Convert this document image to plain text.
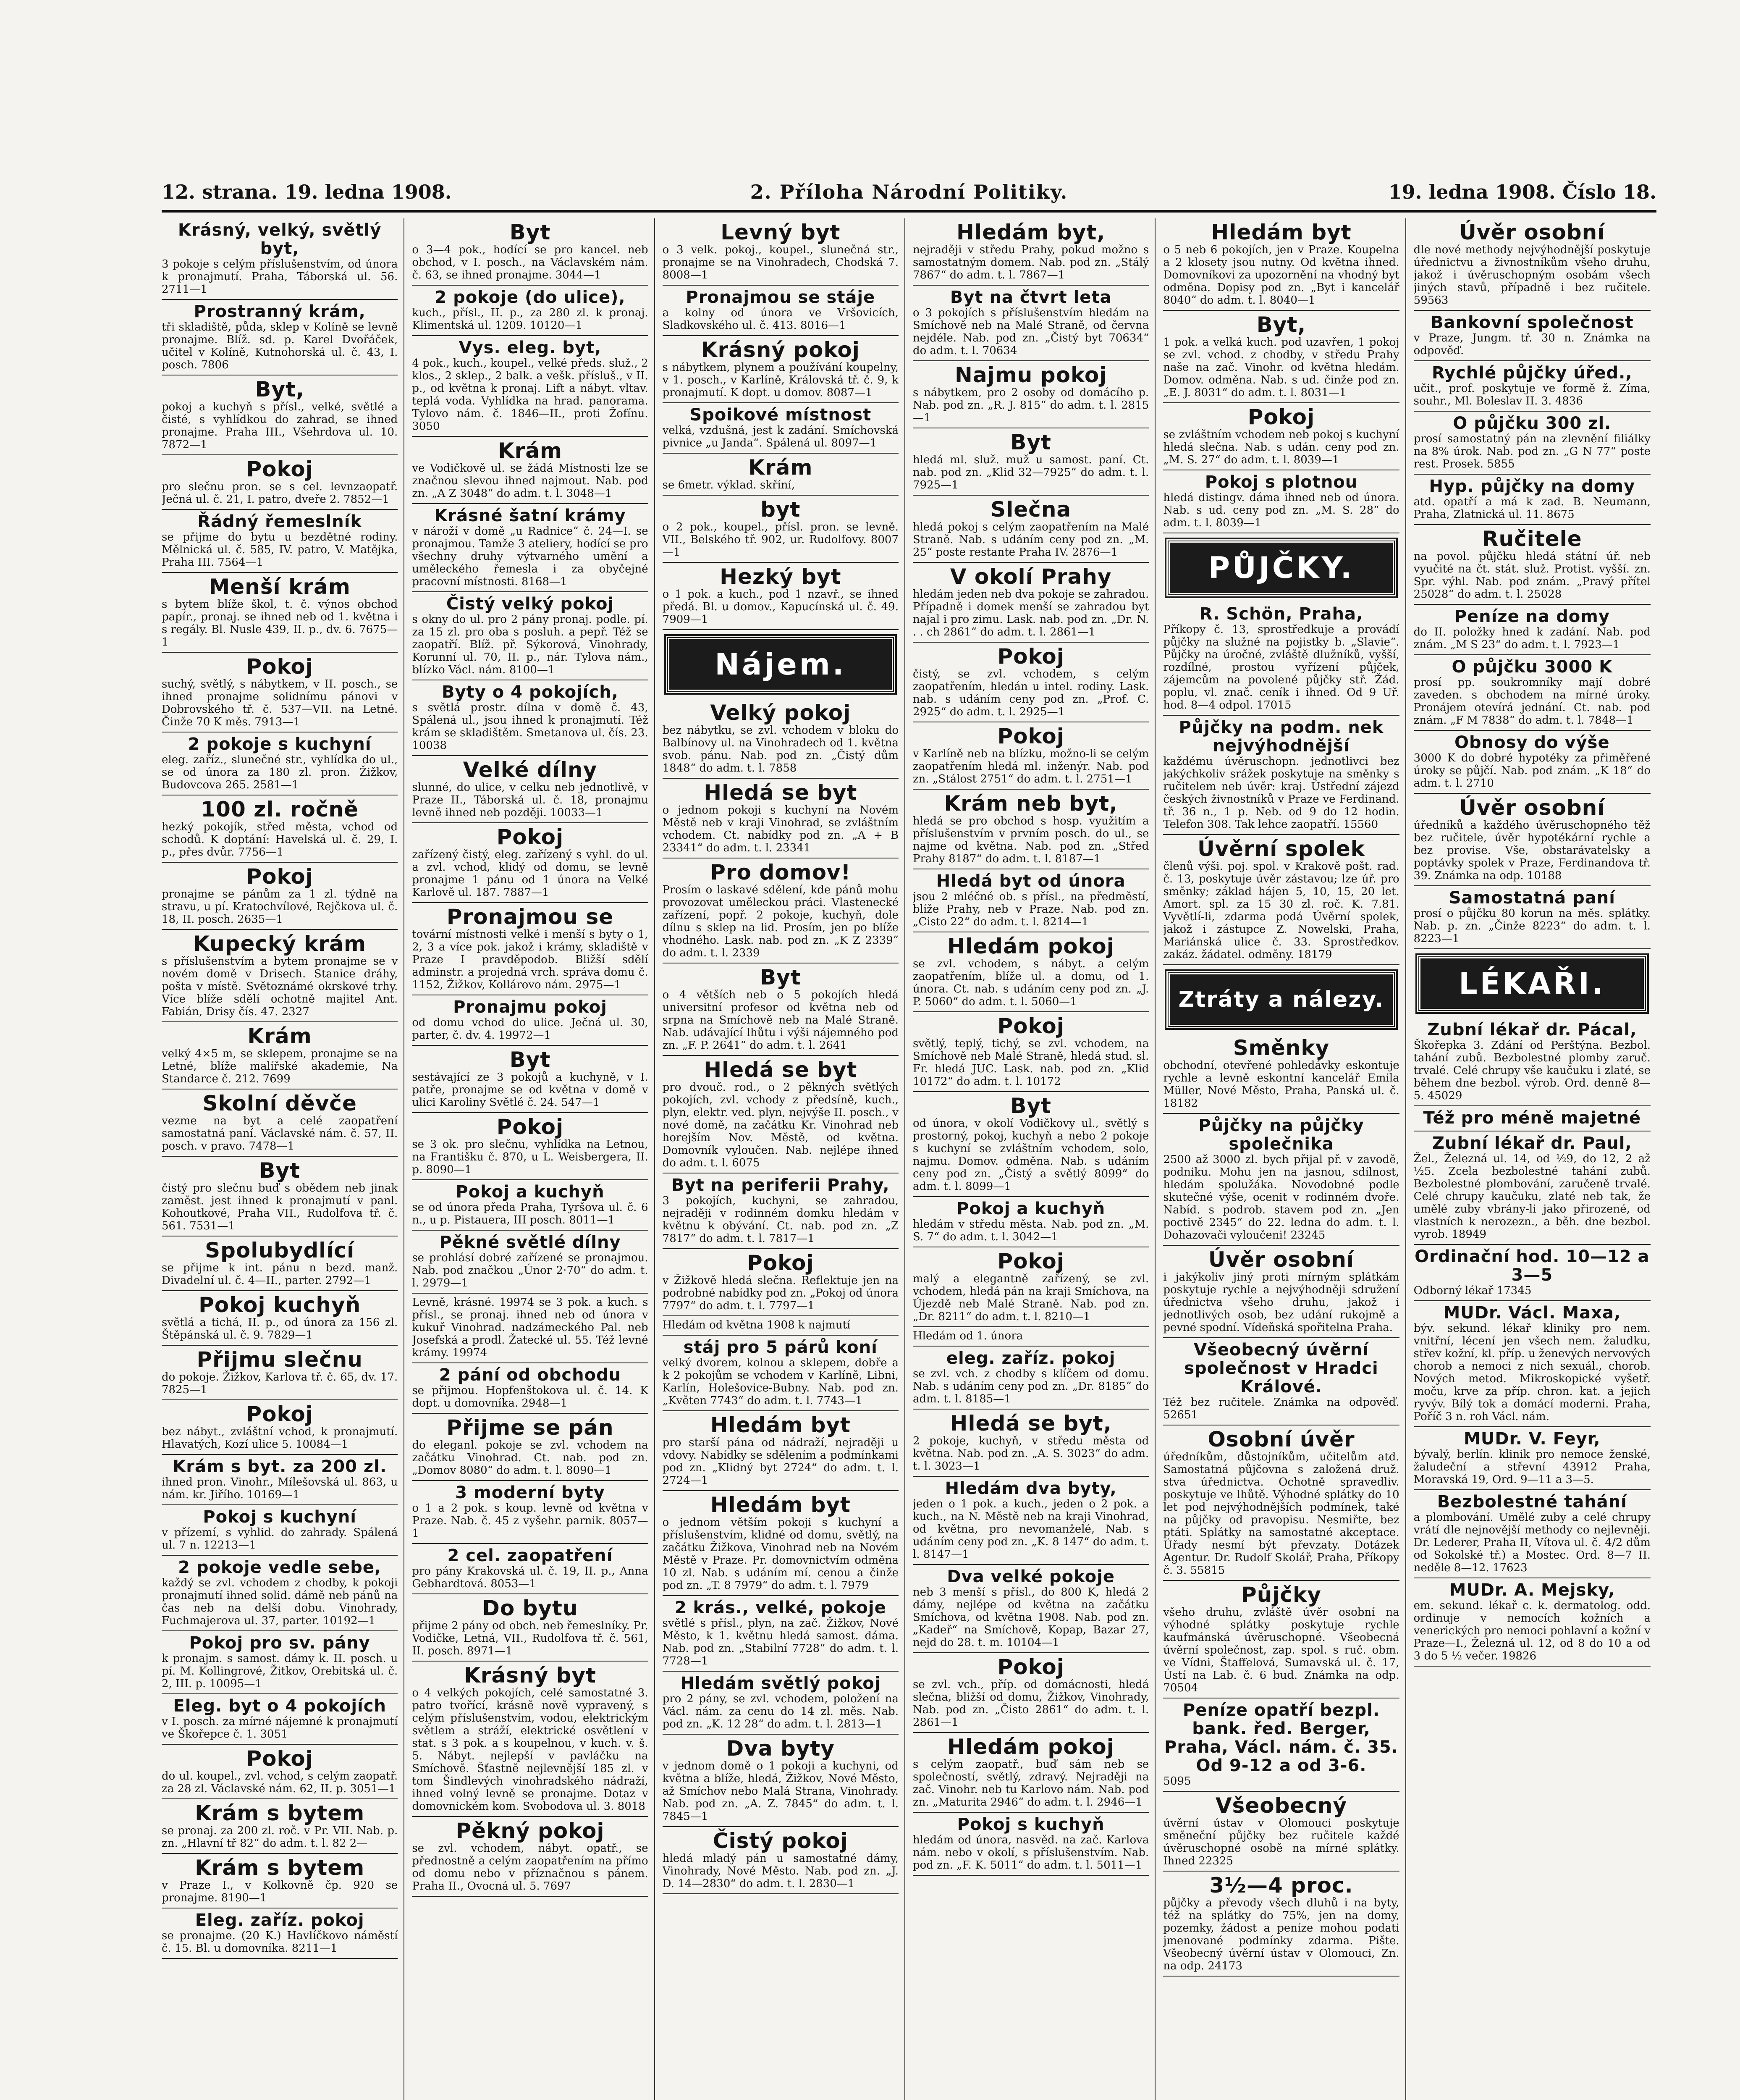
12. strana. 19. ledna 1908.	2. Příloha Národní Politiky.	19. ledna 1908. Číslo 18.
Krásný, velký, světlý byt,
3 pokoje s celým příslušenstvím, od února k pronajmutí. Praha, Táborská ul. 56. 2711—1
Prostranný krám,
tři skladiště, půda, sklep v Kolíně se levně pronajme. Blíž. sd. p. Karel Dvořáček, učitel v Kolíně, Kutnohorská ul. č. 43, I. posch. 7806
Byt,
pokoj a kuchyň s přísl., velké, světlé a čisté, s vyhlídkou do zahrad, se ihned pronajme. Praha III., Všehrdova ul. 10. 7872—1
Pokoj
pro slečnu pron. se s cel. levnzaopatř. Ječná ul. č. 21, I. patro, dveře 2. 7852—1
Řádný řemeslník
se přijme do bytu u bezdětné rodiny. Mělnická ul. č. 585, IV. patro, V. Matějka, Praha III. 7564—1
Menší krám
s bytem blíže škol, t. č. výnos obchod papír., pronaj. se ihned neb od 1. května i s regály. Bl. Nusle 439, II. p., dv. 6. 7675—1
Pokoj
suchý, světlý, s nábytkem, v II. posch., se ihned pronajme solidnímu pánovi v Dobrovského tř. č. 537—VII. na Letné. Činže 70 K měs. 7913—1
2 pokoje s kuchyní
eleg. zaříz., slunečné str., vyhlídka do ul., se od února za 180 zl. pron. Žižkov, Budovcova 265. 2581—1
100 zl. ročně
hezký pokojík, střed města, vchod od schodů. K doptání: Havelská ul. č. 29, I. p., přes dvůr. 7756—1
Pokoj
pronajme se pánům za 1 zl. týdně na stravu, u pí. Kratochvílové, Rejčkova ul. č. 18, II. posch. 2635—1
Kupecký krám
s příslušenstvím a bytem pronajme se v novém domě v Drisech. Stanice dráhy, pošta v místě. Světoznámé okrskové trhy. Více blíže sdělí ochotně majitel Ant. Fabián, Drisy čís. 47. 2327
Krám
velký 4×5 m, se sklepem, pronajme se na Letné, blíže malířské akademie, Na Standarce č. 212. 7699
Skolní děvče
vezme na byt a celé zaopatření samostatná paní. Václavské nám. č. 57, II. posch. v pravo. 7478—1
Byt
čistý pro slečnu buď s obědem neb jinak zaměst. jest ihned k pronajmutí v panl. Kohoutkové, Praha VII., Rudolfova tř. č. 561. 7531—1
Spolubydlící
se přijme k int. pánu n bezd. manž. Divadelní ul. č. 4—II., parter. 2792—1
Pokoj kuchyň
světlá a tichá, II. p., od února za 156 zl. Štěpánská ul. č. 9. 7829—1
Přijmu slečnu
do pokoje. Žižkov, Karlova tř. č. 65, dv. 17. 7825—1
Pokoj
bez nábyt., zvláštní vchod, k pronajmutí. Hlavatých, Kozí ulice 5. 10084—1
Krám s byt. za 200 zl.
ihned pron. Vinohr., Mílešovská ul. 863, u nám. kr. Jiřího. 10169—1
Pokoj s kuchyní
v přízemí, s vyhlid. do zahrady. Spálená ul. 7 n. 12213—1
2 pokoje vedle sebe,
každý se zvl. vchodem z chodby, k pokoji pronajmutí ihned solid. dámě neb pánů na čas neb na delší dobu. Vinohrady, Fuchmajerova ul. 37, parter. 10192—1
Pokoj pro sv. pány
k pronajm. s samost. dámy k. II. posch. u pí. M. Kollingrové, Žitkov, Orebitská ul. č. 2, III. p. 10095—1
Eleg. byt o 4 pokojích
v I. posch. za mírné nájemné k pronajmutí ve Škořepce č. 1. 3051
Pokoj
do ul. koupel., zvl. vchod, s celým zaopatř. za 28 zl. Václavské nám. 62, II. p. 3051—1
Krám s bytem
se pronaj. za 200 zl. roč. v Pr. VII. Nab. p. zn. „Hlavní tř 82“ do adm. t. l. 82 2—
Krám s bytem
v Praze I., v Kolkovně čp. 920 se pronajme. 8190—1
Eleg. zaříz. pokoj
se pronajme. (20 K.) Havlíčkovo náměstí č. 15. Bl. u domovníka. 8211—1
Byt
o 3—4 pok., hodící se pro kancel. neb obchod, v I. posch., na Václavském nám. č. 63, se ihned pronajme. 3044—1
2 pokoje (do ulice),
kuch., přísl., II. p., za 280 zl. k pronaj. Klimentská ul. 1209. 10120—1
Vys. eleg. byt,
4 pok., kuch., koupel., velké předs. služ., 2 klos., 2 sklep., 2 balk. a vešk. přísluš., v II. p., od května k pronaj. Lift a nábyt. vltav. teplá voda. Vyhlídka na hrad. panorama. Tylovo nám. č. 1846—II., proti Žofínu. 3050
Krám
ve Vodičkově ul. se žádá Místnosti lze se značnou slevou ihned najmout. Nab. pod zn. „A Z 3048“ do adm. t. l. 3048—1
Krásné šatní krámy
v nároží v domě „u Radnice“ č. 24—I. se pronajmou. Tamže 3 ateliery, hodící se pro všechny druhy výtvarného umění a uměleckého řemesla i za obyčejné pracovní místnosti. 8168—1
Čistý velký pokoj
s okny do ul. pro 2 pány pronaj. podle. pí. za 15 zl. pro oba s posluh. a pepř. Též se zaopatří. Blíž. př. Sýkorová, Vinohrady, Korunní ul. 70, II. p., nár. Tylova nám., blízko Václ. nám. 8100—1
Byty o 4 pokojích,
s světlá prostr. dílna v domě č. 43, Spálená ul., jsou ihned k pronajmutí. Též krám se skladištěm. Smetanova ul. čís. 23. 10038
Velké dílny
slunné, do ulice, v celku neb jednotlivě, v Praze II., Táborská ul. č. 18, pronajmu levně ihned neb později. 10033—1
Pokoj
zařízený čistý, eleg. zařízený s vyhl. do ul. a zvl. vchod, klidý od domu, se levně pronajme 1 pánu od 1 února na Velké Karlově ul. 187. 7887—1
Pronajmou se
tovární místnosti velké i menší s byty o 1, 2, 3 a více pok. jakož i krámy, skladiště v Praze I pravděpodob. Bližší sdělí adminstr. a projedná vrch. správa domu č. 1152, Žižkov, Kollárovo nám. 2975—1
Pronajmu pokoj
od domu vchod do ulice. Ječná ul. 30, parter, č. dv. 4. 19972—1
Byt
sestávající ze 3 pokojů a kuchyně, v I. patře, pronajme se od května v domě v ulici Karoliny Světlé č. 24. 547—1
Pokoj
se 3 ok. pro slečnu, vyhlídka na Letnou, na Františku č. 870, u L. Weisbergera, II. p. 8090—1
Pokoj a kuchyň
se od února předa Praha, Tyršova ul. č. 6 n., u p. Pistauera, III posch. 8011—1
Pěkné světlé dílny
se prohlásí dobré zařízené se pronajmou. Nab. pod značkou „Únor 2·70“ do adm. t. l. 2979—1
Levně, krásné. 19974 se 3 pok. a kuch. s přísl., se pronaj. ihned neb od února v kukuř Vinohrad. nadzámeckého Pal. neb Josefská a prodl. Žatecké ul. 55. Též levné krámy. 19974
2 pání od obchodu
se přijmou. Hopfenštokova ul. č. 14. K dopt. u domovníka. 2948—1
Přijme se pán
do eleganl. pokoje se zvl. vchodem na začátku Vinohrad. Ct. nab. pod zn. „Domov 8080“ do adm. t. l. 8090—1
3 moderní byty
o 1 a 2 pok. s koup. levně od května v Praze. Nab. č. 45 z vyšehr. parnik. 8057—1
2 cel. zaopatření
pro pány Krakovská ul. č. 19, II. p., Anna Gebhardtová. 8053—1
Do bytu
přijme 2 pány od obch. neb řemeslníky. Pr. Vodičke, Letná, VII., Rudolfova tř. č. 561, II. posch. 8971—1
Krásný byt
o 4 velkých pokojích, celé samostatné 3. patro tvořící, krásně nově vypravený, s celým příslušenstvím, vodou, elektrickým světlem a stráží, elektrické osvětlení v stat. s 3 pok. a s koupelnou, v kuch. v. š. 5. Nábyt. nejlepší v pavláčku na Smíchově. Šťastně nejlevnější 185 zl. v tom Šindlevých vinohradského nádraží, ihned volný levně se pronajme. Dotaz v domovnickém kom. Svobodova ul. 3. 8018
Pěkný pokoj
se zvl. vchodem, nábyt. opatř., se přednostně a celým zaopatřením na přímo od domu nebo v příznačnou s pánem. Praha II., Ovocná ul. 5. 7697
Levný byt
o 3 velk. pokoj., koupel., slunečná str., pronajme se na Vinohradech, Chodská 7. 8008—1
Pronajmou se stáje
a kolny od února ve Vršovicích, Sladkovského ul. č. 413. 8016—1
Krásný pokoj
s nábytkem, plynem a používání koupelny, v 1. posch., v Karlíně, Královská tř. č. 9, k pronajmutí. K dopt. u domov. 8087—1
Spoikové místnost
velká, vzdušná, jest k zadání. Smíchovská pivnice „u Janda“. Spálená ul. 8097—1
Krám
se 6metr. výklad. skříní,
byt
o 2 pok., koupel., přísl. pron. se levně. VII., Belského tř. 902, ur. Rudolfovy. 8007—1
Hezký byt
o 1 pok. a kuch., pod 1 nzavř., se ihned předá. Bl. u domov., Kapucínská ul. č. 49. 7909—1
Nájem.
Velký pokoj
bez nábytku, se zvl. vchodem v bloku do Balbínovy ul. na Vinohradech od 1. května svob. pánu. Nab. pod zn. „Čistý dům 1848“ do adm. t. l. 7858
Hledá se byt
o jednom pokoji s kuchyní na Novém Městě neb v kraji Vinohrad, se zvláštním vchodem. Ct. nabídky pod zn. „A + B 23341“ do adm. t. l. 23341
Pro domov!
Prosím o laskavé sdělení, kde pánů mohu provozovat uměleckou práci. Vlastenecké zařízení, popř. 2 pokoje, kuchyň, dole dílnu s sklep na lid. Prosím, jen po blíže vhodného. Lask. nab. pod zn. „K Z 2339“ do adm. t. l. 2339
Byt
o 4 větších neb o 5 pokojích hledá universitní profesor od května neb od srpna na Smíchově neb na Malé Straně. Nab. udávající lhůtu i výši nájemného pod zn. „F. P. 2641“ do adm. t. l. 2641
Hledá se byt
pro dvouč. rod., o 2 pěkných světlých pokojích, zvl. vchody z předsíně, kuch., plyn, elektr. ved. plyn, nejvýše II. posch., v nové domě, na začátku Kr. Vinohrad neb horejším Nov. Městě, od května. Domovník vyloučen. Nab. nejlépe ihned do adm. t. l. 6075
Byt na periferii Prahy,
3 pokojích, kuchyni, se zahradou, nejraději v rodinném domku hledám v květnu k obývání. Ct. nab. pod zn. „Z 7817“ do adm. t. l. 7817—1
Pokoj
v Žižkově hledá slečna. Reflektuje jen na podrobné nabídky pod zn. „Pokoj od února 7797“ do adm. t. l. 7797—1
Hledám od května 1908 k najmutí
stáj pro 5 párů koní
velký dvorem, kolnou a sklepem, dobře a k 2 pokojům se vchodem v Karlíně, Libni, Karlín, Holešovice-Bubny. Nab. pod zn. „Květen 7743“ do adm. t. l. 7743—1
Hledám byt
pro starší pána od nádraží, nejraději u vdovy. Nabídky se sdělením a podmínkami pod zn. „Klidný byt 2724“ do adm. t. l. 2724—1
Hledám byt
o jednom větším pokoji s kuchyní a příslušenstvím, klidné od domu, světlý, na začátku Žižkova, Vinohrad neb na Novém Městě v Praze. Pr. domovnictvím odměna 10 zl. Nab. s udáním mí. cenou a činže pod zn. „T. 8 7979“ do adm. t. l. 7979
2 krás., velké, pokoje
světlé s přísl., plyn, na zač. Žižkov, Nové Město, k 1. květnu hledá samost. dáma. Nab. pod zn. „Stabilní 7728“ do adm. t. l. 7728—1
Hledám světlý pokoj
pro 2 pány, se zvl. vchodem, položení na Václ. nám. za cenu do 14 zl. měs. Nab. pod zn. „K. 12 28“ do adm. t. l. 2813—1
Dva byty
v jednom domě o 1 pokoji a kuchyni, od května a blíže, hledá, Žižkov, Nové Město, až Smíchov nebo Malá Strana, Vinohrady. Nab. pod zn. „A. Z. 7845“ do adm. t. l. 7845—1
Čistý pokoj
hledá mladý pán u samostatné dámy, Vinohrady, Nové Město. Nab. pod zn. „J. D. 14—2830“ do adm. t. l. 2830—1
Hledám byt,
nejraději v středu Prahy, pokud možno s samostatným domem. Nab. pod zn. „Stálý 7867“ do adm. t. l. 7867—1
Byt na čtvrt leta
o 3 pokojích s příslušenstvím hledám na Smíchově neb na Malé Straně, od června nejdéle. Nab. pod zn. „Čistý byt 70634“ do adm. t. l. 70634
Najmu pokoj
s nábytkem, pro 2 osoby od domácího p. Nab. pod zn. „R. J. 815“ do adm. t. l. 2815—1
Byt
hledá ml. služ. muž u samost. paní. Ct. nab. pod zn. „Klid 32—7925“ do adm. t. l. 7925—1
Slečna
hledá pokoj s celým zaopatřením na Malé Straně. Nab. s udáním ceny pod zn. „M. 25“ poste restante Praha IV. 2876—1
V okolí Prahy
hledám jeden neb dva pokoje se zahradou. Případně i domek menší se zahradou byt najal i pro zimu. Lask. nab. pod zn. „Dr. N. . . ch 2861“ do adm. t. l. 2861—1
Pokoj
čistý, se zvl. vchodem, s celým zaopatřením, hledán u intel. rodiny. Lask. nab. s udáním ceny pod zn. „Prof. C. 2925“ do adm. t. l. 2925—1
Pokoj
v Karlíně neb na blízku, možno-li se celým zaopatřením hledá ml. inženýr. Nab. pod zn. „Stálost 2751“ do adm. t. l. 2751—1
Krám neb byt,
hledá se pro obchod s hosp. využitím a příslušenstvím v prvním posch. do ul., se najme od května. Nab. pod zn. „Střed Prahy 8187“ do adm. t. l. 8187—1
Hledá byt od února
jsou 2 mléčné ob. s přísl., na předměstí, blíže Prahy, neb v Praze. Nab. pod zn. „Cisto 22“ do adm. t. l. 8214—1
Hledám pokoj
se zvl. vchodem, s nábyt. a celým zaopatřením, blíže ul. a domu, od 1. února. Ct. nab. s udáním ceny pod zn. „J. P. 5060“ do adm. t. l. 5060—1
Pokoj
světlý, teplý, tichý, se zvl. vchodem, na Smíchově neb Malé Straně, hledá stud. sl. Fr. hledá JUC. Lask. nab. pod zn. „Klid 10172“ do adm. t. l. 10172
Byt
od února, v okolí Vodičkovy ul., světlý s prostorný, pokoj, kuchyň a nebo 2 pokoje s kuchyní se zvláštním vchodem, solo, najmu. Domov. odměna. Nab. s udáním ceny pod zn. „Čistý a světlý 8099“ do adm. t. l. 8099—1
Pokoj a kuchyň
hledám v středu města. Nab. pod zn. „M. S. 7“ do adm. t. l. 3042—1
Pokoj
malý a elegantně zařízený, se zvl. vchodem, hledá pán na kraji Smíchova, na Újezdě neb Malé Straně. Nab. pod zn. „Dr. 8211“ do adm. t. l. 8210—1
Hledám od 1. února
eleg. zaříz. pokoj
se zvl. vch. z chodby s klíčem od domu. Nab. s udáním ceny pod zn. „Dr. 8185“ do adm. t. l. 8185—1
Hledá se byt,
2 pokoje, kuchyň, v středu města od května. Nab. pod zn. „A. S. 3023“ do adm. t. l. 3023—1
Hledám dva byty,
jeden o 1 pok. a kuch., jeden o 2 pok. a kuch., na N. Městě neb na kraji Vinohrad, od května, pro nevomanželé, Nab. s udáním ceny pod zn. „K. 8 147“ do adm. t. l. 8147—1
Dva velké pokoje
neb 3 menší s přísl., do 800 K, hledá 2 dámy, nejlépe od května na začátku Smíchova, od května 1908. Nab. pod zn. „Kadeř“ na Smíchově, Kopap, Bazar 27, nejd do 28. t. m. 10104—1
Pokoj
se zvl. vch., příp. od domácnosti, hledá slečna, bližší od domu, Žižkov, Vinohrady, Nab. pod zn. „Čisto 2861“ do adm. t. l. 2861—1
Hledám pokoj
s celým zaopatř., buď sám neb se společností, světlý, zdravý. Nejraději na zač. Vinohr. neb tu Karlovo nám. Nab. pod zn. „Maturita 2946“ do adm. t. l. 2946—1
Pokoj s kuchyň
hledám od února, nasvěd. na zač. Karlova nám. nebo v okolí, s příslušenstvím. Nab. pod zn. „F. K. 5011“ do adm. t. l. 5011—1
Hledám byt
o 5 neb 6 pokojích, jen v Praze. Koupelna a 2 klosety jsou nutny. Od května ihned. Domovníkovi za upozornění na vhodný byt odměna. Dopisy pod zn. „Byt i kancelář 8040“ do adm. t. l. 8040—1
Byt,
1 pok. a velká kuch. pod uzavřen, 1 pokoj se zvl. vchod. z chodby, v středu Prahy naše na zač. Vinohr. od května hledám. Domov. odměna. Nab. s ud. činže pod zn. „E. J. 8031“ do adm. t. l. 8031—1
Pokoj
se zvláštním vchodem neb pokoj s kuchyní hledá slečna. Nab. s udán. ceny pod zn. „M. S. 27“ do adm. t. l. 8039—1
Pokoj s plotnou
hledá distingv. dáma ihned neb od února. Nab. s ud. ceny pod zn. „M. S. 28“ do adm. t. l. 8039—1
PŮJČKY.
R. Schön, Praha,
Příkopy č. 13, sprostředkuje a provádí půjčky na služné na pojistky b. „Slavie“. Půjčky na úročné, zvláště dlužníků, vyšší, rozdílné, prostou vyřízení půjček, zájemcům na povolené půjčky stř. Žád. poplu, vl. znač. ceník i ihned. Od 9 Uř. hod. 8—4 odpol. 17015
Půjčky na podm. nek nejvýhodnější
každému úvěruschopn. jednotlivci bez jakýchkoliv srážek poskytuje na směnky s ručitelem neb úvěr: kraj. Ústřední zájezd českých živnostníků v Praze ve Ferdinand. tř. 36 n., 1 p. Neb. od 9 do 12 hodin. Telefon 308. Tak lehce zaopatří. 15560
Úvěrní spolek
členů výši. poj. spol. v Krakově pošt. rad. č. 13, poskytuje úvěr zástavou; lze úř. pro směnky; základ hájen 5, 10, 15, 20 let. Amort. spl. za 15 30 zl. roč. K. 7.81. Vyvětlí-li, zdarma podá Úvěrní spolek, jakož i zástupce Z. Nowelski, Praha, Mariánská ulice č. 33. Sprostředkov. zakáz. žádatel. odměny. 18179
Ztráty a nálezy.
Směnky
obchodní, otevřené pohledávky eskontuje rychle a levně eskontní kancelář Emila Müller, Nové Město, Praha, Panská ul. č. 18182
Půjčky na půjčky společnika
2500 až 3000 zl. bych přijal př. v zavodě, podniku. Mohu jen na jasnou, sdílnost, hledám spolužáka. Novodobné podle skutečné výše, ocenit v rodinném dvoře. Nabíd. s podrob. stavem pod zn. „Jen poctivě 2345“ do 22. ledna do adm. t. l. Dohazovači vyloučeni! 23245
Úvěr osobní
i jakýkoliv jiný proti mírným splátkám poskytuje rychle a nejvýhodněji sdružení úřednictva všeho druhu, jakož i jednotlivých osob, bez udání rukojmě a pevné spodní. Vídeňská spořitelna Praha.
Všeobecný úvěrní společnost v Hradci Králové.
Též bez ručitele. Známka na odpověď. 52651
Osobní úvěr
úředníkům, důstojníkům, učitelům atd. Samostatná půjčovna s založená druž. stva úřednictva. Ochotně spravedliv. poskytuje ve lhůtě. Výhodné splátky do 10 let pod nejvýhodnějších podmínek, také na půjčky od pravopisu. Nesmiřte, bez ptáti. Splátky na samostatné akceptace. Úřady nesmí být převzaty. Dotázek Agentur. Dr. Rudolf Skolář, Praha, Příkopy č. 3. 55815
Půjčky
všeho druhu, zvláště úvěr osobní na výhodné splátky poskytuje rychle kaufmánská úvěruschopné. Všeobecná úvěrní společnost, zap. spol. s ruč. obm. ve Vídni, Štaffelová, Sumavská ul. č. 17, Ústí na Lab. č. 6 bud. Známka na odp. 70504
Peníze opatří bezpl. bank. řed. Berger, Praha, Václ. nám. č. 35. Od 9-12 a od 3-6.
5095
Všeobecný
úvěrní ústav v Olomouci poskytuje směneční půjčky bez ručitele každé úvěruschopné osobě na mírné splátky. Ihned 22325
3½—4 proc.
půjčky a převody všech dluhů i na byty, též na splátky do 75%, jen na domy, pozemky, žádost a peníze mohou podati jmenované podmínky zdarma. Pište. Všeobecný úvěrní ústav v Olomouci, Zn. na odp. 24173
Úvěr osobní
dle nové methody nejvýhodnější poskytuje úřednictvu a živnostníkům všeho druhu, jakož i úvěruschopným osobám všech jiných stavů, případně i bez ručitele. 59563
Bankovní společnost
v Praze, Jungm. tř. 30 n. Známka na odpověď.
Rychlé půjčky úřed.,
učit., prof. poskytuje ve formě ž. Zíma, souhr., Ml. Boleslav II. 3. 4836
O půjčku 300 zl.
prosí samostatný pán na zlevnění filiálky na 8% úrok. Nab. pod zn. „G N 77“ poste rest. Prosek. 5855
Hyp. půjčky na domy
atd. opatří a má k zad. B. Neumann, Praha, Zlatnická ul. 11. 8675
Ručitele
na povol. půjčku hledá státní úř. neb vyučité na čt. stát. služ. Protist. vyšší. zn. Spr. výhl. Nab. pod znám. „Pravý přítel 25028“ do adm. t. l. 25028
Peníze na domy
do II. položky hned k zadání. Nab. pod znám. „M S 23“ do adm. t. l. 7923—1
O půjčku 3000 K
prosí pp. soukromníky mají dobré zaveden. s obchodem na mírné úroky. Pronájem otevírá jednání. Ct. nab. pod znám. „F M 7838“ do adm. t. l. 7848—1
Obnosy do výše
3000 K do dobré hypotéky za přiměřené úroky se půjčí. Nab. pod znám. „K 18“ do adm. t. l. 2710
Úvěr osobní
úředníků a každého úvěruschopného těž bez ručitele, úvěr hypotékární rychle a bez provise. Vše, obstarávatelsky a poptávky spolek v Praze, Ferdinandova tř. 39. Známka na odp. 10188
Samostatná paní
prosí o půjčku 80 korun na měs. splátky. Nab. p. zn. „Činže 8223“ do adm. t. l. 8223—1
LÉKAŘI.
Zubní lékař dr. Pácal,
Škořepka 3. Zdání od Perštýna. Bezbol. tahání zubů. Bezbolestné plomby zaruč. trvalé. Celé chrupy vše kaučuku i zlaté, se během dne bezbol. výrob. Ord. denně 8—5. 45029
Též pro méně majetné
Zubní lékař dr. Paul,
Žel., Železná ul. 14, od ½9, do 12, 2 až ½5. Zcela bezbolestné tahání zubů. Bezbolestné plombování, zaručeně trvalé. Celé chrupy kaučuku, zlaté neb tak, že umělé zuby vbrány-li jako přirozené, od vlastních k nerozezn., a běh. dne bezbol. vyrob. 18949
Ordinační hod. 10—12 a 3—5
Odborný lékař 17345
MUDr. Václ. Maxa,
býv. sekund. lékař kliniky pro nem. vnitřní, lécení jen všech nem. žaludku, střev kožní, kl. příp. u ženevých nervových chorob a nemoci z nich sexuál., chorob. Nových metod. Mikroskopické vyšetř. moču, krve za příp. chron. kat. a jejich ryvýv. Bílý tok a domácí moderni. Praha, Poříč 3 n. roh Václ. nám.
MUDr. V. Feyr,
bývalý, berlín. klinik pro nemoce ženské, žaludeční a střevní 43912 Praha, Moravská 19, Ord. 9—11 a 3—5.
Bezbolestné tahání
a plombování. Umělé zuby a celé chrupy vrátí dle nejnovější methody co nejlevněji. Dr. Lederer, Praha II, Vítova ul. č. 4/2 dům od Sokolské tř.) a Mostec. Ord. 8—7 II. neděle 8—12. 17623
MUDr. A. Mejsky,
em. sekund. lékař c. k. dermatolog. odd. ordinuje v nemocích kožních a venerických pro nemoci pohlavní a kožní v Praze—I., Železná ul. 12, od 8 do 10 a od 3 do 5 ½ večer. 19826
